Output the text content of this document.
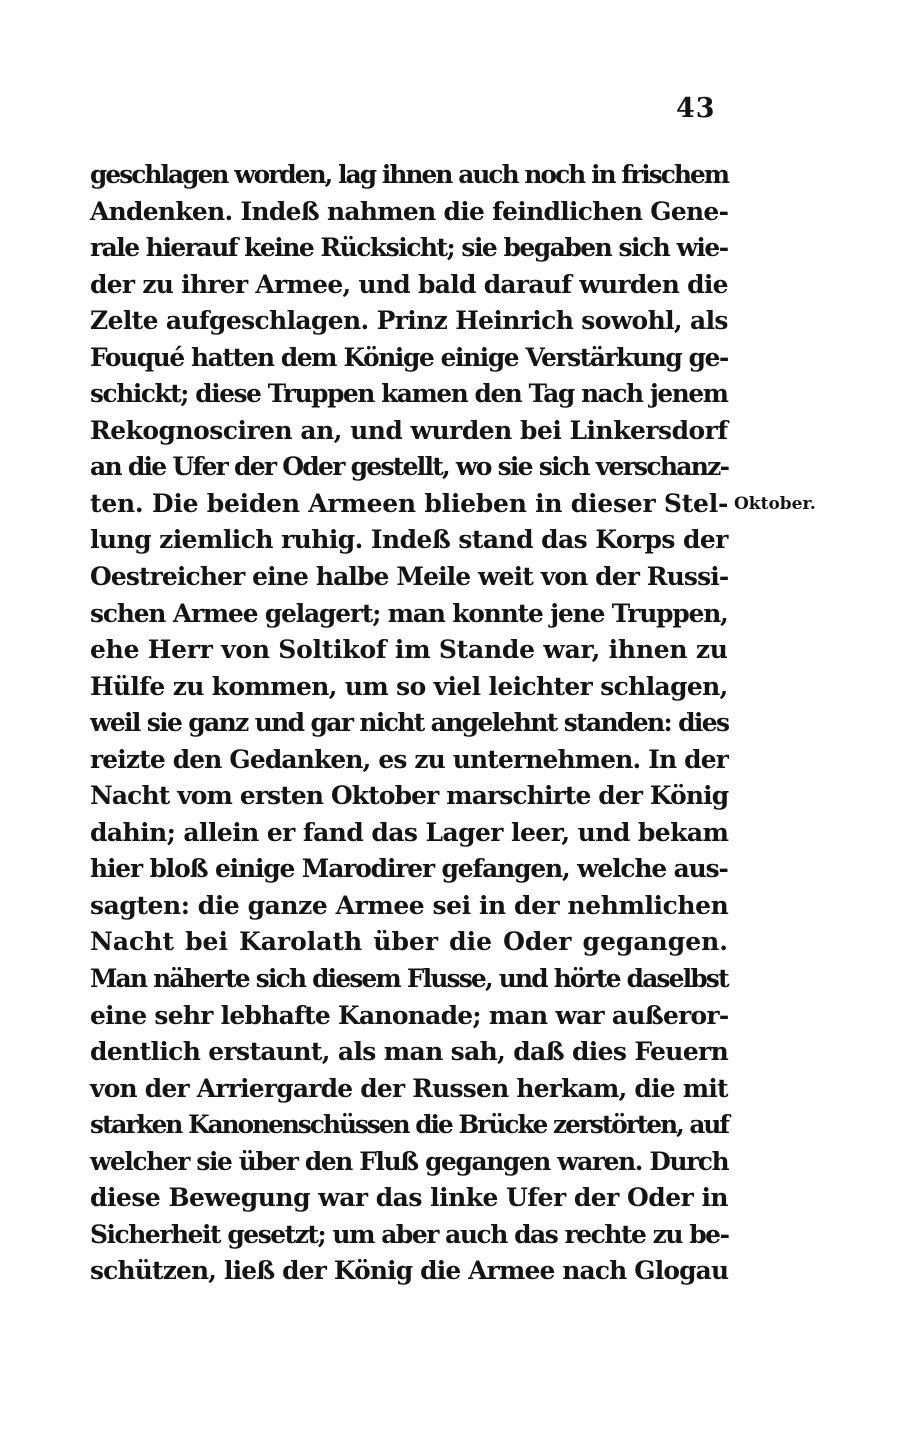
43
geschlagen worden, lag ihnen auch noch in frischem
Andenken. Indeß nahmen die feindlichen Gene-
rale hierauf keine Rücksicht; sie begaben sich wie-
der zu ihrer Armee, und bald darauf wurden die
Zelte aufgeschlagen. Prinz Heinrich sowohl, als
Fouqué hatten dem Könige einige Verstärkung ge-
schickt; diese Truppen kamen den Tag nach jenem
Rekognosciren an, und wurden bei Linkersdorf
an die Ufer der Oder gestellt, wo sie sich verschanz-
ten. Die beiden Armeen blieben in dieser Stel-
lung ziemlich ruhig. Indeß stand das Korps der
Oestreicher eine halbe Meile weit von der Russi-
schen Armee gelagert; man konnte jene Truppen,
ehe Herr von Soltikof im Stande war, ihnen zu
Hülfe zu kommen, um so viel leichter schlagen,
weil sie ganz und gar nicht angelehnt standen: dies
reizte den Gedanken, es zu unternehmen. In der
Nacht vom ersten Oktober marschirte der König
dahin; allein er fand das Lager leer, und bekam
hier bloß einige Marodirer gefangen, welche aus-
sagten: die ganze Armee sei in der nehmlichen
Nacht bei Karolath über die Oder gegangen.
Man näherte sich diesem Flusse, und hörte daselbst
eine sehr lebhafte Kanonade; man war außeror-
dentlich erstaunt, als man sah, daß dies Feuern
von der Arriergarde der Russen herkam, die mit
starken Kanonenschüssen die Brücke zerstörten, auf
welcher sie über den Fluß gegangen waren. Durch
diese Bewegung war das linke Ufer der Oder in
Sicherheit gesetzt; um aber auch das rechte zu be-
schützen, ließ der König die Armee nach Glogau
Oktober.
